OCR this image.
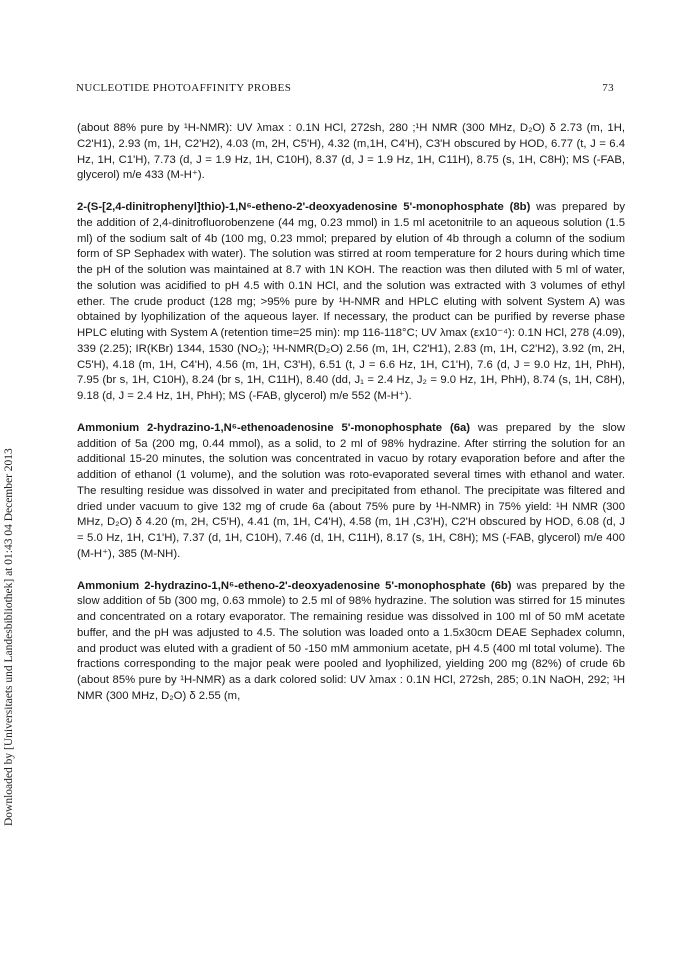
NUCLEOTIDE PHOTOAFFINITY PROBES	73
Downloaded by [Universitaets und Landesbibliothek] at 01:43 04 December 2013

(about 88% pure by ¹H-NMR): UV λmax : 0.1N HCl, 272sh, 280 ;¹H NMR (300 MHz, D₂O) δ 2.73 (m, 1H, C2'H1), 2.93 (m, 1H, C2'H2), 4.03 (m, 2H, C5'H), 4.32 (m,1H, C4'H), C3'H obscured by HOD, 6.77 (t, J = 6.4 Hz, 1H, C1'H), 7.73 (d, J = 1.9 Hz, 1H, C10H), 8.37 (d, J = 1.9 Hz, 1H, C11H), 8.75 (s, 1H, C8H); MS (-FAB, glycerol) m/e 433 (M-H⁺).

2-(S-[2,4-dinitrophenyl]thio)-1,N⁶-etheno-2'-deoxyadenosine 5'-monophosphate (8b) was prepared by the addition of 2,4-dinitrofluorobenzene (44 mg, 0.23 mmol) in 1.5 ml acetonitrile to an aqueous solution (1.5 ml) of the sodium salt of 4b (100 mg, 0.23 mmol; prepared by elution of 4b through a column of the sodium form of SP Sephadex with water). The solution was stirred at room temperature for 2 hours during which time the pH of the solution was maintained at 8.7 with 1N KOH. The reaction was then diluted with 5 ml of water, the solution was acidified to pH 4.5 with 0.1N HCl, and the solution was extracted with 3 volumes of ethyl ether. The crude product (128 mg; >95% pure by ¹H-NMR and HPLC eluting with solvent System A) was obtained by lyophilization of the aqueous layer. If necessary, the product can be purified by reverse phase HPLC eluting with System A (retention time=25 min): mp 116-118°C; UV λmax (εx10⁻⁴): 0.1N HCl, 278 (4.09), 339 (2.25); IR(KBr) 1344, 1530 (NO₂); ¹H-NMR(D₂O) 2.56 (m, 1H, C2'H1), 2.83 (m, 1H, C2'H2), 3.92 (m, 2H, C5'H), 4.18 (m, 1H, C4'H), 4.56 (m, 1H, C3'H), 6.51 (t, J = 6.6 Hz, 1H, C1'H), 7.6 (d, J = 9.0 Hz, 1H, PhH), 7.95 (br s, 1H, C10H), 8.24 (br s, 1H, C11H), 8.40 (dd, J₁ = 2.4 Hz, J₂ = 9.0 Hz, 1H, PhH), 8.74 (s, 1H, C8H), 9.18 (d, J = 2.4 Hz, 1H, PhH); MS (-FAB, glycerol) m/e 552 (M-H⁺).

Ammonium 2-hydrazino-1,N⁶-ethenoadenosine 5'-monophosphate (6a) was prepared by the slow addition of 5a (200 mg, 0.44 mmol), as a solid, to 2 ml of 98% hydrazine. After stirring the solution for an additional 15-20 minutes, the solution was concentrated in vacuo by rotary evaporation before and after the addition of ethanol (1 volume), and the solution was roto-evaporated several times with ethanol and water. The resulting residue was dissolved in water and precipitated from ethanol. The precipitate was filtered and dried under vacuum to give 132 mg of crude 6a (about 75% pure by ¹H-NMR) in 75% yield: ¹H NMR (300 MHz, D₂O) δ 4.20 (m, 2H, C5'H), 4.41 (m, 1H, C4'H), 4.58 (m, 1H ,C3'H), C2'H obscured by HOD, 6.08 (d, J = 5.0 Hz, 1H, C1'H), 7.37 (d, 1H, C10H), 7.46 (d, 1H, C11H), 8.17 (s, 1H, C8H); MS (-FAB, glycerol) m/e 400 (M-H⁺), 385 (M-NH).

Ammonium 2-hydrazino-1,N⁶-etheno-2'-deoxyadenosine 5'-monophosphate (6b) was prepared by the slow addition of 5b (300 mg, 0.63 mmole) to 2.5 ml of 98% hydrazine. The solution was stirred for 15 minutes and concentrated on a rotary evaporator. The remaining residue was dissolved in 100 ml of 50 mM acetate buffer, and the pH was adjusted to 4.5. The solution was loaded onto a 1.5x30cm DEAE Sephadex column, and product was eluted with a gradient of 50 -150 mM ammonium acetate, pH 4.5 (400 ml total volume). The fractions corresponding to the major peak were pooled and lyophilized, yielding 200 mg (82%) of crude 6b (about 85% pure by ¹H-NMR) as a dark colored solid: UV λmax : 0.1N HCl, 272sh, 285; 0.1N NaOH, 292; ¹H NMR (300 MHz, D₂O) δ 2.55 (m,
